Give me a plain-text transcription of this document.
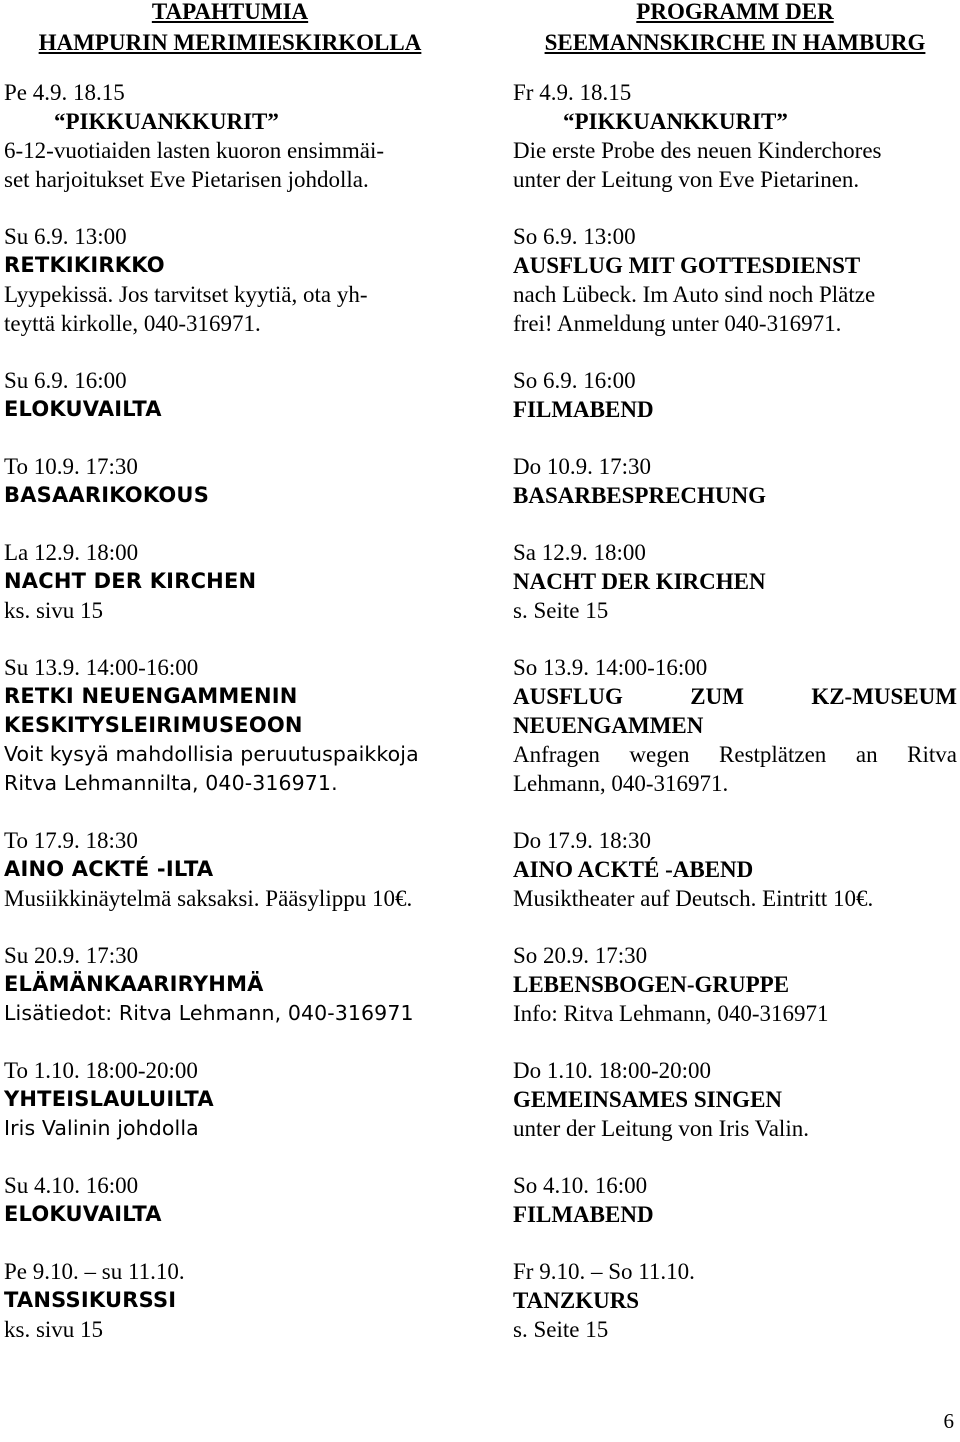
TAPAHTUMIA
HAMPURIN MERIMIESKIRKOLLA
Pe 4.9. 18.15
“PIKKUANKKURIT”
6-12-vuotiaiden lasten kuoron ensimmäi-
set harjoitukset Eve Pietarisen johdolla.
Su 6.9. 13:00
RETKIKIRKKO
Lyypekissä. Jos tarvitset kyytiä, ota yh-
teyttä kirkolle, 040-316971.
Su 6.9. 16:00
ELOKUVAILTA
To 10.9. 17:30
BASAARIKOKOUS
La 12.9. 18:00
NACHT DER KIRCHEN
ks. sivu 15
Su 13.9. 14:00-16:00
RETKI NEUENGAMMENIN
KESKITYSLEIRIMUSEOON
Voit kysyä mahdollisia peruutuspaikkoja
Ritva Lehmannilta, 040-316971.
To 17.9. 18:30
AINO ACKTÉ -ILTA
Musiikkinäytelmä saksaksi. Pääsylippu 10€.
Su 20.9. 17:30
ELÄMÄNKAARIRYHMÄ
Lisätiedot: Ritva Lehmann, 040-316971
To 1.10. 18:00-20:00
YHTEISLAULUILTA
Iris Valinin johdolla
Su 4.10. 16:00
ELOKUVAILTA
Pe 9.10. – su 11.10.
TANSSIKURSSI
ks. sivu 15
PROGRAMM DER
SEEMANNSKIRCHE IN HAMBURG
Fr 4.9. 18.15
“PIKKUANKKURIT”
Die erste Probe des neuen Kinderchores
unter der Leitung von Eve Pietarinen.
So 6.9. 13:00
AUSFLUG MIT GOTTESDIENST
nach Lübeck. Im Auto sind noch Plätze
frei! Anmeldung unter 040-316971.
So 6.9. 16:00
FILMABEND
Do 10.9. 17:30
BASARBESPRECHUNG
Sa 12.9. 18:00
NACHT DER KIRCHEN
s. Seite 15
So 13.9. 14:00-16:00
AUSFLUG	ZUM	KZ-MUSEUM
NEUENGAMMEN
Anfragen wegen Restplätzen an Ritva
Lehmann, 040-316971.
Do 17.9. 18:30
AINO ACKTÉ -ABEND
Musiktheater auf Deutsch. Eintritt 10€.
So 20.9. 17:30
LEBENSBOGEN-GRUPPE
Info: Ritva Lehmann, 040-316971
Do 1.10. 18:00-20:00
GEMEINSAMES SINGEN
unter der Leitung von Iris Valin.
So 4.10. 16:00
FILMABEND
Fr 9.10. – So 11.10.
TANZKURS
s. Seite 15
6
